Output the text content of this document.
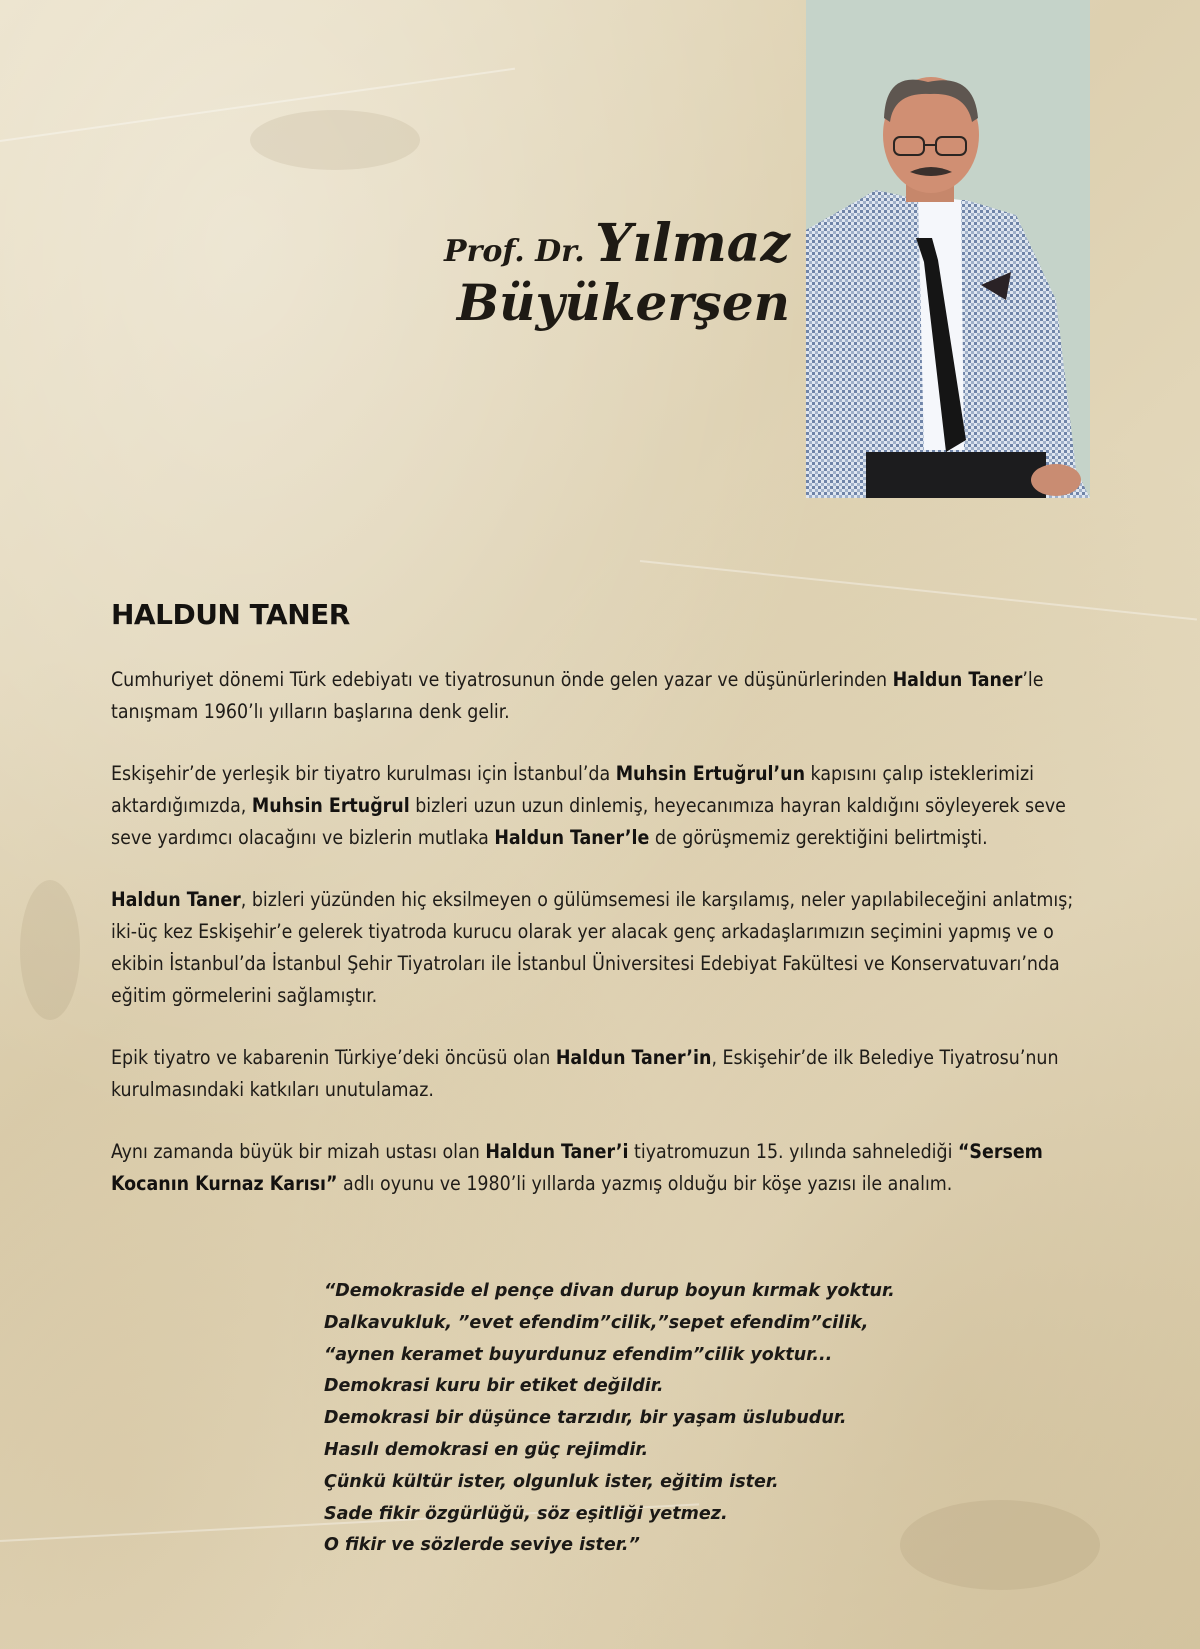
Prof. Dr. Yılmaz
Büyükerşen
HALDUN TANER

Cumhuriyet dönemi Türk edebiyatı ve tiyatrosunun önde gelen yazar ve düşünürlerinden Haldun Taner’le tanışmam 1960’lı yılların başlarına denk gelir.

Eskişehir’de yerleşik bir tiyatro kurulması için İstanbul’da Muhsin Ertuğrul’un kapısını çalıp isteklerimizi aktardığımızda, Muhsin Ertuğrul bizleri uzun uzun dinlemiş, heyecanımıza hayran kaldığını söyleyerek seve seve yardımcı olacağını ve bizlerin mutlaka Haldun Taner’le de görüşmemiz gerektiğini belirtmişti.

Haldun Taner, bizleri yüzünden hiç eksilmeyen o gülümsemesi ile karşılamış, neler yapılabileceğini anlatmış; iki-üç kez Eskişehir’e gelerek tiyatroda kurucu olarak yer alacak genç arkadaşlarımızın seçimini yapmış ve o ekibin İstanbul’da İstanbul Şehir Tiyatroları ile İstanbul Üniversitesi Edebiyat Fakültesi ve Konservatuvarı’nda eğitim görmelerini sağlamıştır.

Epik tiyatro ve kabarenin Türkiye’deki öncüsü olan Haldun Taner’in, Eskişehir’de ilk Belediye Tiyatrosu’nun kurulmasındaki katkıları unutulamaz.

Aynı zamanda büyük bir mizah ustası olan Haldun Taner’i tiyatromuzun 15. yılında sahnelediği “Sersem Kocanın Kurnaz Karısı” adlı oyunu ve 1980’li yıllarda yazmış olduğu bir köşe yazısı ile analım.

“Demokraside el pençe divan durup boyun kırmak yoktur.
Dalkavukluk, ”evet efendim”cilik,”sepet efendim”cilik,
“aynen keramet buyurdunuz efendim”cilik yoktur...
Demokrasi kuru bir etiket değildir.
Demokrasi bir düşünce tarzıdır, bir yaşam üslubudur.
Hasılı demokrasi en güç rejimdir.
Çünkü kültür ister, olgunluk ister, eğitim ister.
Sade fikir özgürlüğü, söz eşitliği yetmez.
O fikir ve sözlerde seviye ister.”
